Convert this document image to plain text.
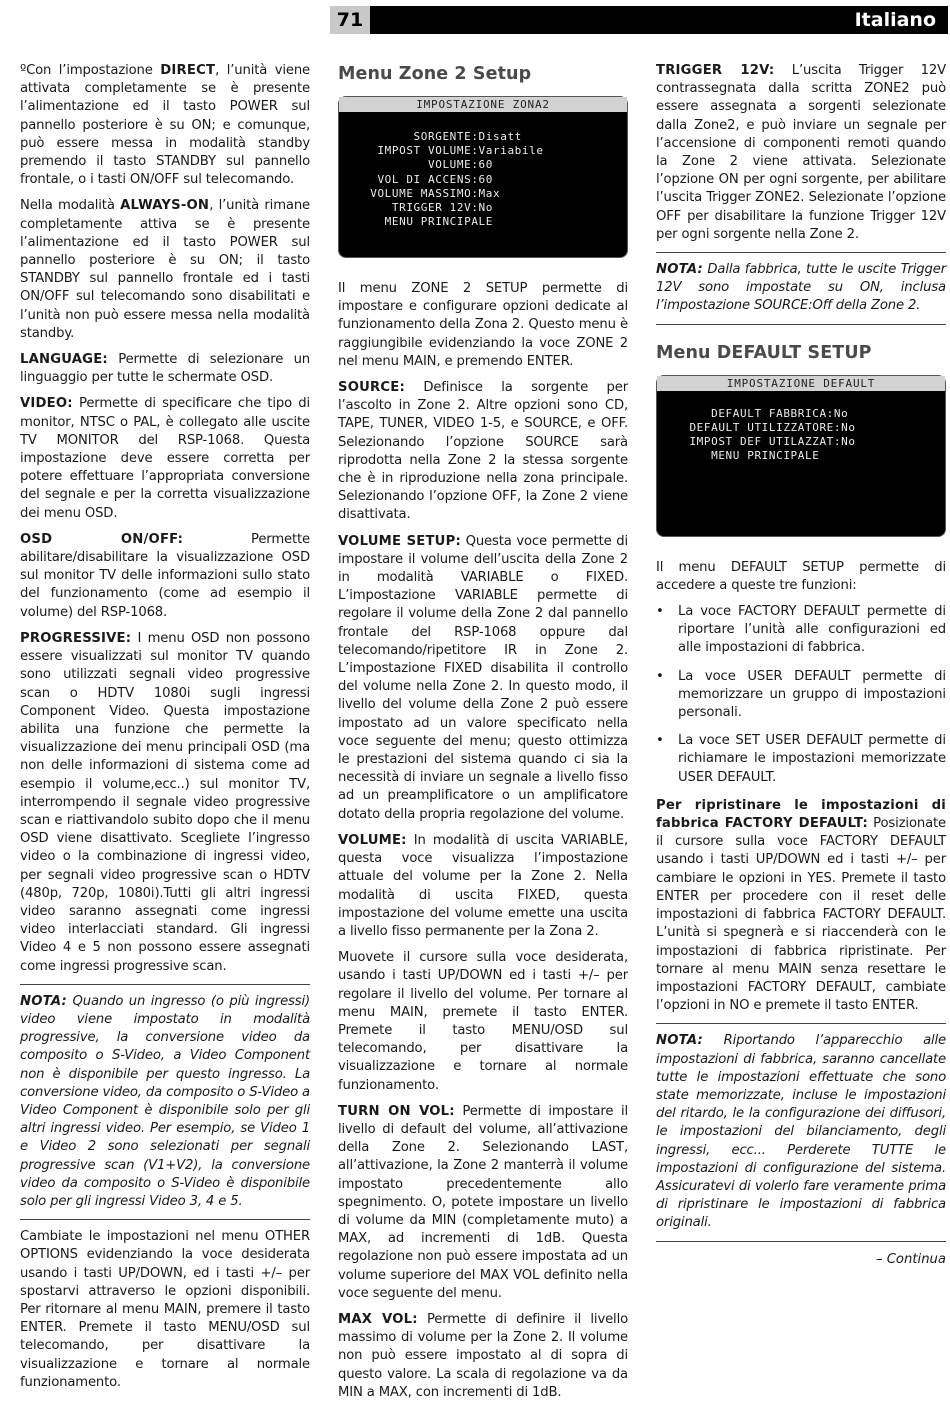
71	Italiano
ºCon l’impostazione DIRECT, l’unità viene attivata completamente se è presente l’alimentazione ed il tasto POWER sul pannello posteriore è su ON; e comunque, può essere messa in modalità standby premendo il tasto STANDBY sul pannello frontale, o i tasti ON/OFF sul telecomando.
Nella modalità ALWAYS-ON, l’unità rimane completamente attiva se è presente l’alimentazione ed il tasto POWER sul pannello posteriore è su ON; il tasto STANDBY sul pannello frontale ed i tasti ON/OFF sul telecomando sono disabilitati e l’unità non può essere messa nella modalità standby.
LANGUAGE: Permette di selezionare un linguaggio per tutte le schermate OSD.
VIDEO: Permette di specificare che tipo di monitor, NTSC o PAL, è collegato alle uscite TV MONITOR del RSP-1068. Questa impostazione deve essere corretta per potere effettuare l’appropriata conversione del segnale e per la corretta visualizzazione dei menu OSD.
OSD ON/OFF: Permette abilitare/disabilitare la visualizzazione OSD sul monitor TV delle informazioni sullo stato del funzionamento (come ad esempio il volume) del RSP-1068.
PROGRESSIVE: I menu OSD non possono essere visualizzati sul monitor TV quando sono utilizzati segnali video progressive scan o HDTV 1080i sugli ingressi Component Video. Questa impostazione abilita una funzione che permette la visualizzazione dei menu principali OSD (ma non delle informazioni di sistema come ad esempio il volume,ecc..) sul monitor TV, interrompendo il segnale video progressive scan e riattivandolo subito dopo che il menu OSD viene disattivato. Scegliete l’ingresso video o la combinazione di ingressi video, per segnali video progressive scan o HDTV (480p, 720p, 1080i).Tutti gli altri ingressi video saranno assegnati come ingressi video interlacciati standard. Gli ingressi Video 4 e 5 non possono essere assegnati come ingressi progressive scan.
NOTA: Quando un ingresso (o più ingressi) video viene impostato in modalità progressive, la conversione video da composito o S-Video, a Video Component non è disponibile per questo ingresso. La conversione video, da composito o S-Video a Video Component è disponibile solo per gli altri ingressi video. Per esempio, se Video 1 e Video 2 sono selezionati per segnali progressive scan (V1+V2), la conversione video da composito o S-Video è disponibile solo per gli ingressi Video 3, 4 e 5.
Cambiate le impostazioni nel menu OTHER OPTIONS evidenziando la voce desiderata usando i tasti UP/DOWN, ed i tasti +/– per spostarvi attraverso le opzioni disponibili. Per ritornare al menu MAIN, premere il tasto ENTER. Premete il tasto MENU/OSD sul telecomando, per disattivare la visualizzazione e tornare al normale funzionamento.
Menu Zone 2 Setup
IMPOSTAZIONE ZONA2
SORGENTE:Disatt
IMPOST VOLUME:Variabile
VOLUME:60
VOL DI ACCENS:60
VOLUME MASSIMO:Max
TRIGGER 12V:No
MENU PRINCIPALE
Il menu ZONE 2 SETUP permette di impostare e configurare opzioni dedicate al funzionamento della Zona 2. Questo menu è raggiungibile evidenziando la voce ZONE 2 nel menu MAIN, e premendo ENTER.
SOURCE: Definisce la sorgente per l’ascolto in Zone 2. Altre opzioni sono CD, TAPE, TUNER, VIDEO 1-5, e SOURCE, e OFF. Selezionando l’opzione SOURCE sarà riprodotta nella Zone 2 la stessa sorgente che è in riproduzione nella zona principale. Selezionando l’opzione OFF, la Zone 2 viene disattivata.
VOLUME SETUP: Questa voce permette di impostare il volume dell’uscita della Zone 2 in modalità VARIABLE o FIXED. L’impostazione VARIABLE permette di regolare il volume della Zone 2 dal pannello frontale del RSP-1068 oppure dal telecomando/ripetitore IR in Zone 2. L’impostazione FIXED disabilita il controllo del volume nella Zone 2. In questo modo, il livello del volume della Zone 2 può essere impostato ad un valore specificato nella voce seguente del menu; questo ottimizza le prestazioni del sistema quando ci sia la necessità di inviare un segnale a livello fisso ad un preamplificatore o un amplificatore dotato della propria regolazione del volume.
VOLUME: In modalità di uscita VARIABLE, questa voce visualizza l’impostazione attuale del volume per la Zone 2. Nella modalità di uscita FIXED, questa impostazione del volume emette una uscita a livello fisso permanente per la Zona 2.
Muovete il cursore sulla voce desiderata, usando i tasti UP/DOWN ed i tasti +/– per regolare il livello del volume. Per tornare al menu MAIN, premete il tasto ENTER. Premete il tasto MENU/OSD sul telecomando, per disattivare la visualizzazione e tornare al normale funzionamento.
TURN ON VOL: Permette di impostare il livello di default del volume, all’attivazione della Zone 2. Selezionando LAST, all’attivazione, la Zone 2 manterrà il volume impostato precedentemente allo spegnimento. O, potete impostare un livello di volume da MIN (completamente muto) a MAX, ad incrementi di 1dB. Questa regolazione non può essere impostata ad un volume superiore del MAX VOL definito nella voce seguente del menu.
MAX VOL: Permette di definire il livello massimo di volume per la Zone 2. Il volume non può essere impostato al di sopra di questo valore. La scala di regolazione va da MIN a MAX, con incrementi di 1dB.
TRIGGER 12V: L’uscita Trigger 12V contrassegnata dalla scritta ZONE2 può essere assegnata a sorgenti selezionate dalla Zone2, e può inviare un segnale per l’accensione di componenti remoti quando la Zone 2 viene attivata. Selezionate l’opzione ON per ogni sorgente, per abilitare l’uscita Trigger ZONE2. Selezionate l’opzione OFF per disabilitare la funzione Trigger 12V per ogni sorgente nella Zone 2.
NOTA: Dalla fabbrica, tutte le uscite Trigger 12V sono impostate su ON, inclusa l’impostazione SOURCE:Off della Zone 2.
Menu DEFAULT SETUP
IMPOSTAZIONE DEFAULT
DEFAULT FABBRICA:No
DEFAULT UTILIZZATORE:No
IMPOST DEF UTILAZZAT:No
MENU PRINCIPALE
Il menu DEFAULT SETUP permette di accedere a queste tre funzioni:
• La voce FACTORY DEFAULT permette di riportare l’unità alle configurazioni ed alle impostazioni di fabbrica.
• La voce USER DEFAULT permette di memorizzare un gruppo di impostazioni personali.
• La voce SET USER DEFAULT permette di richiamare le impostazioni memorizzate USER DEFAULT.
Per ripristinare le impostazioni di fabbrica FACTORY DEFAULT: Posizionate il cursore sulla voce FACTORY DEFAULT usando i tasti UP/DOWN ed i tasti +/– per cambiare le opzioni in YES. Premete il tasto ENTER per procedere con il reset delle impostazioni di fabbrica FACTORY DEFAULT. L’unità si spegnerà e si riaccenderà con le impostazioni di fabbrica ripristinate. Per tornare al menu MAIN senza resettare le impostazioni FACTORY DEFAULT, cambiate l’opzioni in NO e premete il tasto ENTER.
NOTA: Riportando l’apparecchio alle impostazioni di fabbrica, saranno cancellate tutte le impostazioni effettuate che sono state memorizzate, incluse le impostazioni del ritardo, le la configurazione dei diffusori, le impostazioni del bilanciamento, degli ingressi, ecc... Perderete TUTTE le impostazioni di configurazione del sistema. Assicuratevi di volerlo fare veramente prima di ripristinare le impostazioni di fabbrica originali.
– Continua
